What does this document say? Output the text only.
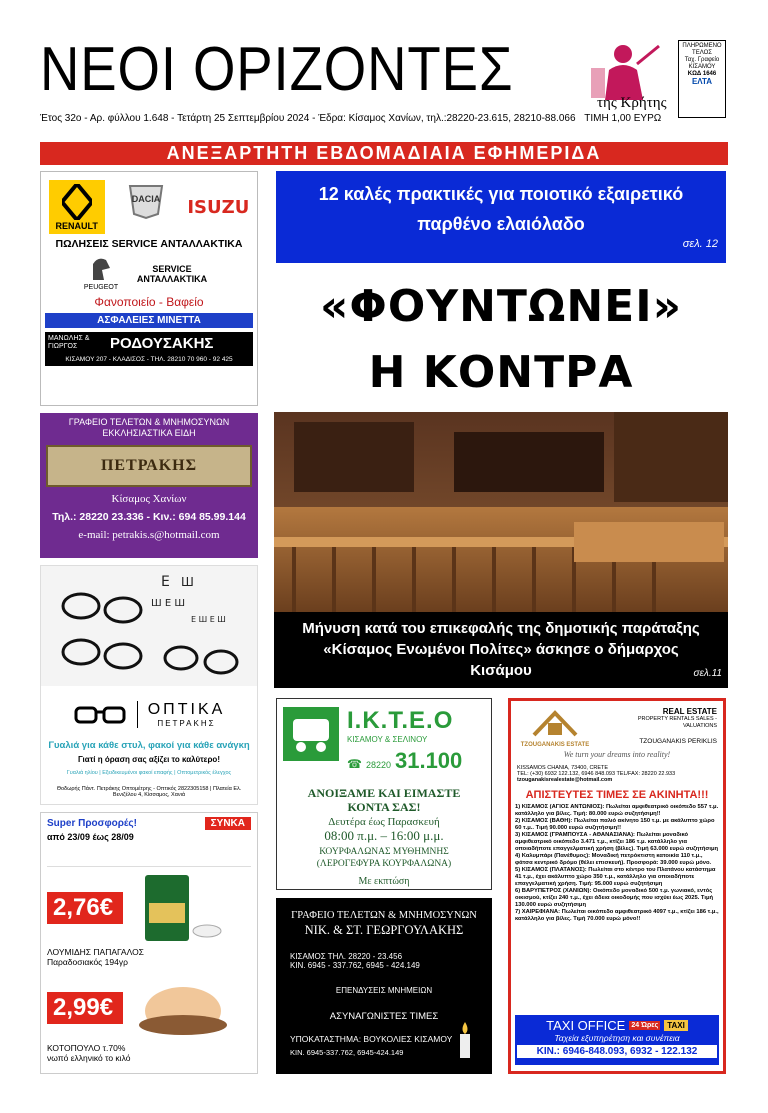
ΝΕΟΙ ΟΡΙΖΟΝΤΕΣ	της Κρήτης
ΠΛΗΡΩΜΕΝΟ ΤΕΛΟΣ
Ταχ. Γραφείο ΚΙΣΑΜΟΥ
ΚΩΔ 1646
ΕΛΤΑ
Έτος 32ο - Αρ. φύλλου 1.648 - Τετάρτη 25 Σεπτεμβρίου 2024 - Έδρα: Κίσαμος Χανίων, τηλ.:28220-23.615, 28210-88.066 ΤΙΜΗ 1,00 ΕΥΡΩ
ΑΝΕΞΑΡΤΗΤΗ ΕΒΔΟΜΑΔΙΑΙΑ ΕΦΗΜΕΡΙΔΑ
12 καλές πρακτικές για ποιοτικό εξαιρετικό παρθένο ελαιόλαδο
σελ. 12
«ΦΟΥΝΤΩΝΕΙ»
Η ΚΟΝΤΡΑ
Μήνυση κατά του επικεφαλής της δημοτικής παράταξης «Κίσαμος Ενωμένοι Πολίτες» άσκησε ο δήμαρχος Κισάμου	σελ.11
RENAULT
DACIA	ISUZU
ΠΩΛΗΣΕΙΣ SERVICE ΑΝΤΑΛΛΑΚΤΙΚΑ
PEUGEOT
SERVICE ΑΝΤΑΛΛΑΚΤΙΚΑ
Φανοποιείο - Βαφείο
ΑΣΦΑΛΕΙΕΣ ΜΙΝΕΤΤΑ
ΜΑΝΩΛΗΣ & ΓΙΩΡΓΟΣ	ΡΟΔΟΥΣΑΚΗΣ
ΚΙΣΑΜΟΥ 207 - ΚΛΑΔΙΣΟΣ - ΤΗΛ. 28210 70 960 - 92 425
ΓΡΑΦΕΙΟ ΤΕΛΕΤΩΝ & ΜΝΗΜΟΣΥΝΩΝ ΕΚΚΛΗΣΙΑΣΤΙΚΑ ΕΙΔΗ
ΠΕΤΡΑΚΗΣ
Κίσαμος Χανίων
Τηλ.: 28220 23.336 - Κιν.: 694 85.99.144
e-mail: petrakis.s@hotmail.com
E Ш
Ш E Ш
E Ш E Ш
ΟΠΤΙΚΑ
ΠΕΤΡΑΚΗΣ
Γυαλιά για κάθε στυλ, φακοί για κάθε ανάγκη
Γιατί η όραση σας αξίζει το καλύτερο!
Γυαλιά ηλίου | Εξειδικευμένοι φακοί επαφής | Οπτομετρικός έλεγχος
Θοδωρής Πάντ. Πετράκης Οπτομέτρης - Οπτικός 2822305158 | Πλατεία Ελ. Βενιζέλου 4, Κίσσαμος, Χανιά
Super Προσφορές!	ΣΥΝΚΑ
από 23/09 έως 28/09
2,76€
ΛΟΥΜΙΔΗΣ ΠΑΠΑΓΑΛΟΣ
Παραδοσιακός 194γρ
2,99€
ΚΟΤΟΠΟΥΛΟ τ.70%
νωπό ελληνικό το κιλό
Ι.Κ.Τ.Ε.Ο
ΚΙΣΑΜΟΥ & ΣΕΛΙΝΟΥ
☎ 28220 31.100
ΑΝΟΙΞΑΜΕ ΚΑΙ ΕΙΜΑΣΤΕ ΚΟΝΤΑ ΣΑΣ!
Δευτέρα έως Παρασκευή
08:00 π.μ. – 16:00 μ.μ.
ΚΟΥΡΦΑΛΩΝΑΣ ΜΥΘΗΜΝΗΣ (ΛΕΡΟΓΕΦΥΡΑ ΚΟΥΡΦΑΛΩΝΑ)
Με εκπτώση
ΓΡΑΦΕΙΟ ΤΕΛΕΤΩΝ & ΜΝΗΜΟΣΥΝΩΝ
ΝΙΚ. & ΣΤ. ΓΕΩΡΓΟΥΛΑΚΗΣ
ΚΙΣΑΜΟΣ ΤΗΛ. 28220 - 23.456
ΚΙΝ. 6945 - 337.762, 6945 - 424.149
ΕΠΕΝΔΥΣΕΙΣ ΜΝΗΜΕΙΩΝ
ΑΣΥΝΑΓΩΝΙΣΤΕΣ ΤΙΜΕΣ
ΥΠΟΚΑΤΑΣΤΗΜΑ: ΒΟΥΚΟΛΙΕΣ ΚΙΣΑΜΟΥ
ΚΙΝ. 6945-337.762, 6945-424.149
TZOUGANAKIS ESTATE
REAL ESTATE
PROPERTY RENTALS SALES - VALUATIONS
TZOUGANAKIS PERIKLIS
We turn your dreams into reality!
KISSAMOS CHANIA, 73400, CRETE
TEL: (+30) 6932 122.132, 6946 848.093 TEL/FAX: 28220 22.933
tzouganakisrealestate@hotmail.com
ΑΠΙΣΤΕΥΤΕΣ ΤΙΜΕΣ ΣΕ ΑΚΙΝΗΤΑ!!!
1) ΚΙΣΑΜΟΣ (ΑΓΙΟΣ ΑΝΤΩΝΙΟΣ): Πωλείται αμφιθεατρικό οικόπεδο 557 τ.μ. κατάλληλο για βίλες. Τιμή: 80.000 ευρώ συζητήσιμη!!
2) ΚΙΣΑΜΟΣ (ΒΑΘΗ): Πωλείται παλιό ακίνητο 150 τ.μ. με ακάλυπτο χώρο 60 τ.μ.. Τιμή 90.000 ευρώ συζητήσιμη!!
3) ΚΙΣΑΜΟΣ (ΓΡΑΜΠΟΥΣΑ - ΑΘΑΝΑΣΙΑΝΑ): Πωλείται μοναδικό αμφιθεατρικό οικόπεδο 3.471 τ.μ., κτίζει 186 τ.μ. κατάλληλο για οποιαδήποτε επαγγελματική χρήση (βίλες). Τιμή 63.000 ευρώ συζητήσιμη
4) Καλυμπάρι (Πανέθυμος): Μοναδική πετρόκτιστη κατοικία 110 τ.μ., φάτσα κεντρικό δρόμο (θέλει επισκευή). Προσφορά: 39.000 ευρώ μόνο.
5) ΚΙΣΑΜΟΣ (ΠΛΑΤΑΝΟΣ): Πωλείται στο κέντρο του Πλατάνου κατάστημα 41 τ.μ., έχει ακάλυπτο χώρο 350 τ.μ., κατάλληλο για οποιαδήποτε επαγγελματική χρήση. Τιμή: 95.000 ευρώ συζητήσιμη
6) ΒΑΡΥΠΕΤΡΟΣ (ΧΑΝΙΩΝ): Οικόπεδο μοναδικό 500 τ.μ. γωνιακό, εντός οικισμού, κτίζει 240 τ.μ., έχει άδεια οικοδομής που ισχύει έως 2025. Τιμή 130.000 ευρώ συζητήσιμη
7) ΧΑΙΡΕΦΙΑΝΑ: Πωλείται οικόπεδο αμφιθεατρικό 4097 τ.μ., κτίζει 186 τ.μ., κατάλληλο για βίλες. Τιμή 70.000 ευρώ μόνο!!
TAXI OFFICE 24 Ώρες	TAXI
Ταχεία εξυπηρέτηση και συνέπεια
ΚΙΝ.: 6946-848.093, 6932 - 122.132
